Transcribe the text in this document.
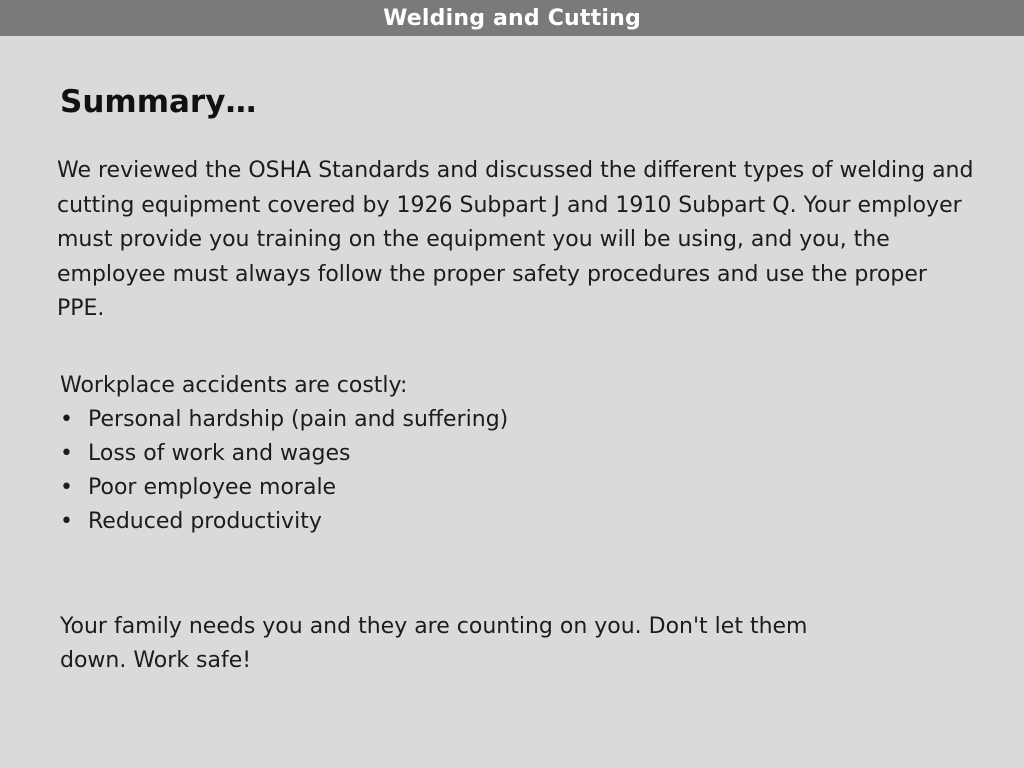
Welding and Cutting
Summary…

We reviewed the OSHA Standards and discussed the different types of welding and cutting equipment covered by 1926 Subpart J and 1910 Subpart Q. Your employer must provide you training on the equipment you will be using, and you, the employee must always follow the proper safety procedures and use the proper PPE.

Workplace accidents are costly:

• Personal hardship (pain and suffering)
• Loss of work and wages
• Poor employee morale
• Reduced productivity

Your family needs you and they are counting on you. Don't let them down. Work safe!
